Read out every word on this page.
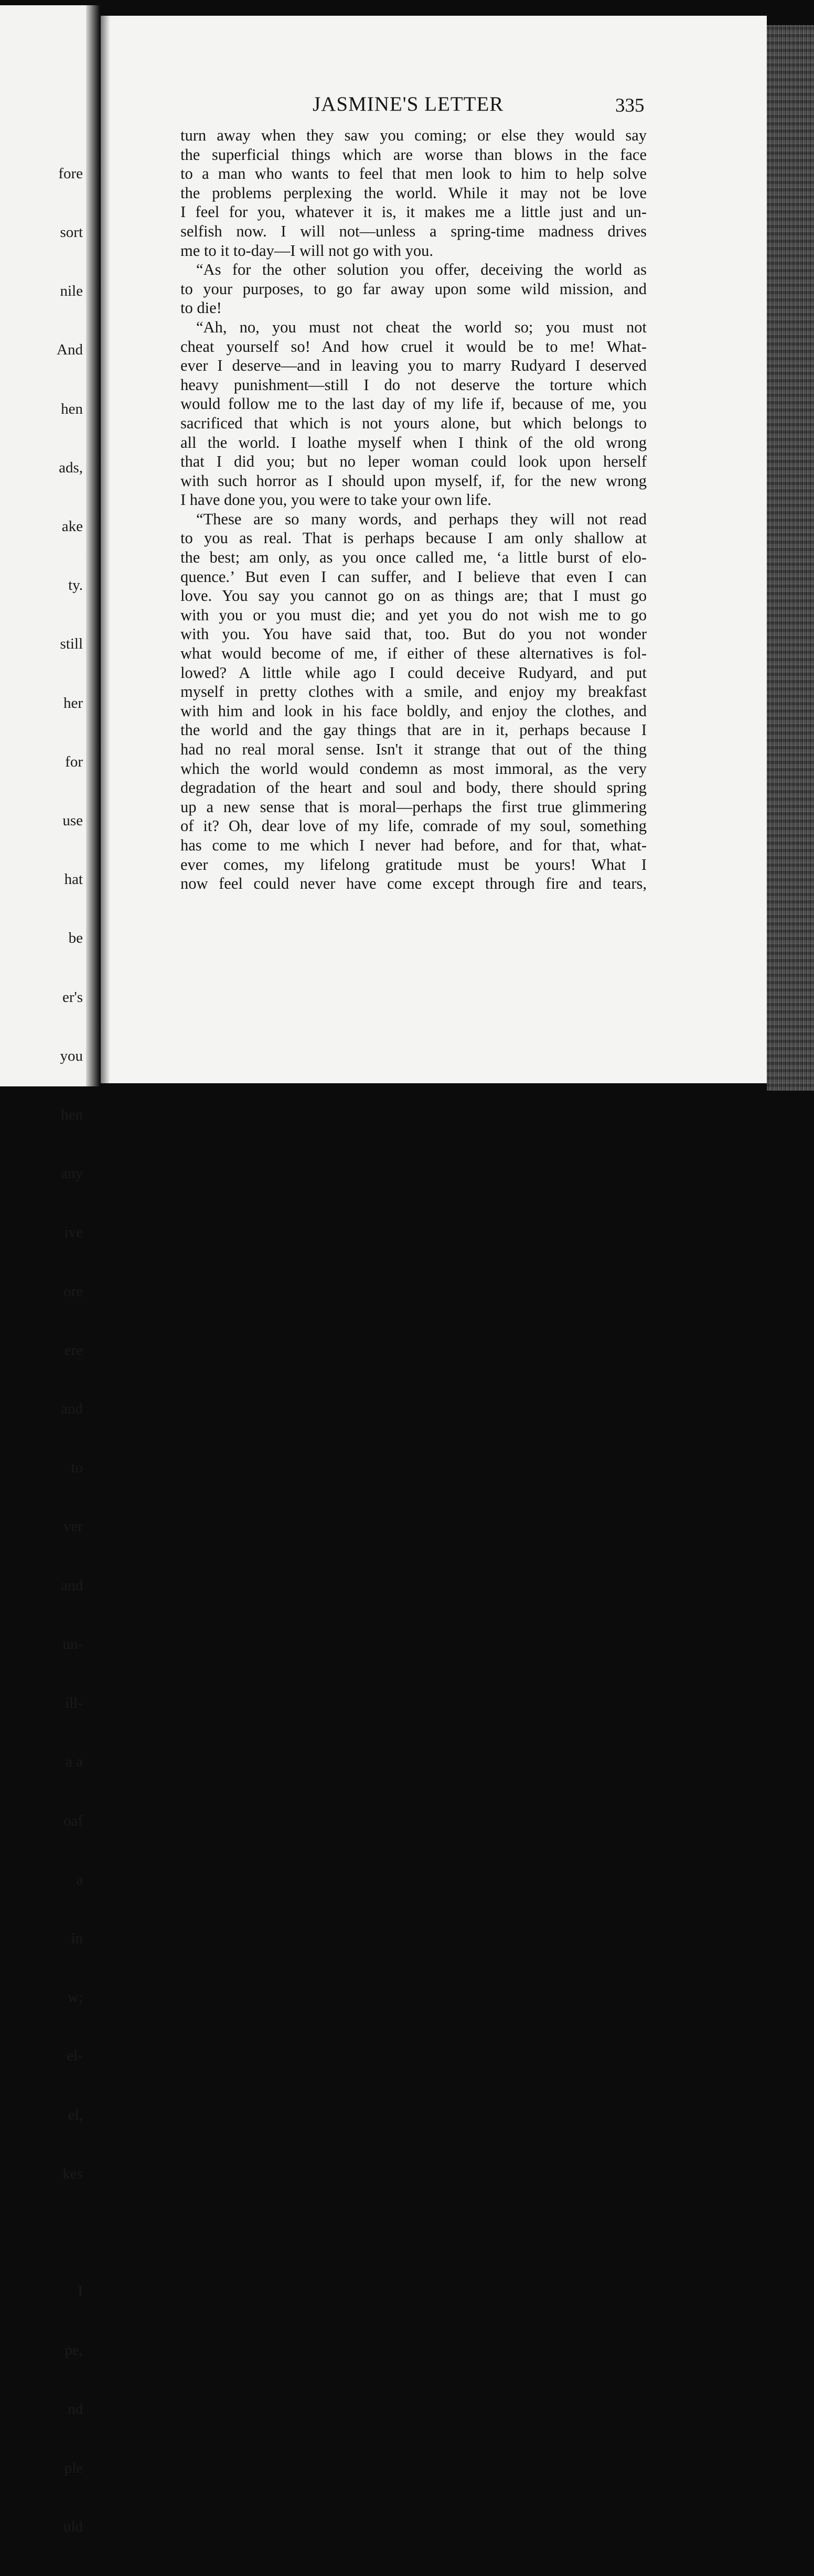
fore

sort

nile

And

hen

ads,

ake

ty.

still

her

for

use

hat

be

er's

you

hen

any

ive

ore

ere

and

to

ver

and

un-

ill-

a a

oaf

a

in

w;

el-

el,

kes

I

pe,

nd

ple

uld

JASMINE'S LETTER	335
turn away when they saw you coming; or else they would say
the superficial things which are worse than blows in the face
to a man who wants to feel that men look to him to help solve
the problems perplexing the world. While it may not be love
I feel for you, whatever it is, it makes me a little just and un-
selfish now. I will not—unless a spring-time madness drives
me to it to-day—I will not go with you.
“As for the other solution you offer, deceiving the world as
to your purposes, to go far away upon some wild mission, and
to die!
“Ah, no, you must not cheat the world so; you must not
cheat yourself so! And how cruel it would be to me! What-
ever I deserve—and in leaving you to marry Rudyard I deserved
heavy punishment—still I do not deserve the torture which
would follow me to the last day of my life if, because of me, you
sacrificed that which is not yours alone, but which belongs to
all the world. I loathe myself when I think of the old wrong
that I did you; but no leper woman could look upon herself
with such horror as I should upon myself, if, for the new wrong
I have done you, you were to take your own life.
“These are so many words, and perhaps they will not read
to you as real. That is perhaps because I am only shallow at
the best; am only, as you once called me, ‘a little burst of elo-
quence.’ But even I can suffer, and I believe that even I can
love. You say you cannot go on as things are; that I must go
with you or you must die; and yet you do not wish me to go
with you. You have said that, too. But do you not wonder
what would become of me, if either of these alternatives is fol-
lowed? A little while ago I could deceive Rudyard, and put
myself in pretty clothes with a smile, and enjoy my breakfast
with him and look in his face boldly, and enjoy the clothes, and
the world and the gay things that are in it, perhaps because I
had no real moral sense. Isn't it strange that out of the thing
which the world would condemn as most immoral, as the very
degradation of the heart and soul and body, there should spring
up a new sense that is moral—perhaps the first true glimmering
of it? Oh, dear love of my life, comrade of my soul, something
has come to me which I never had before, and for that, what-
ever comes, my lifelong gratitude must be yours! What I
now feel could never have come except through fire and tears,
